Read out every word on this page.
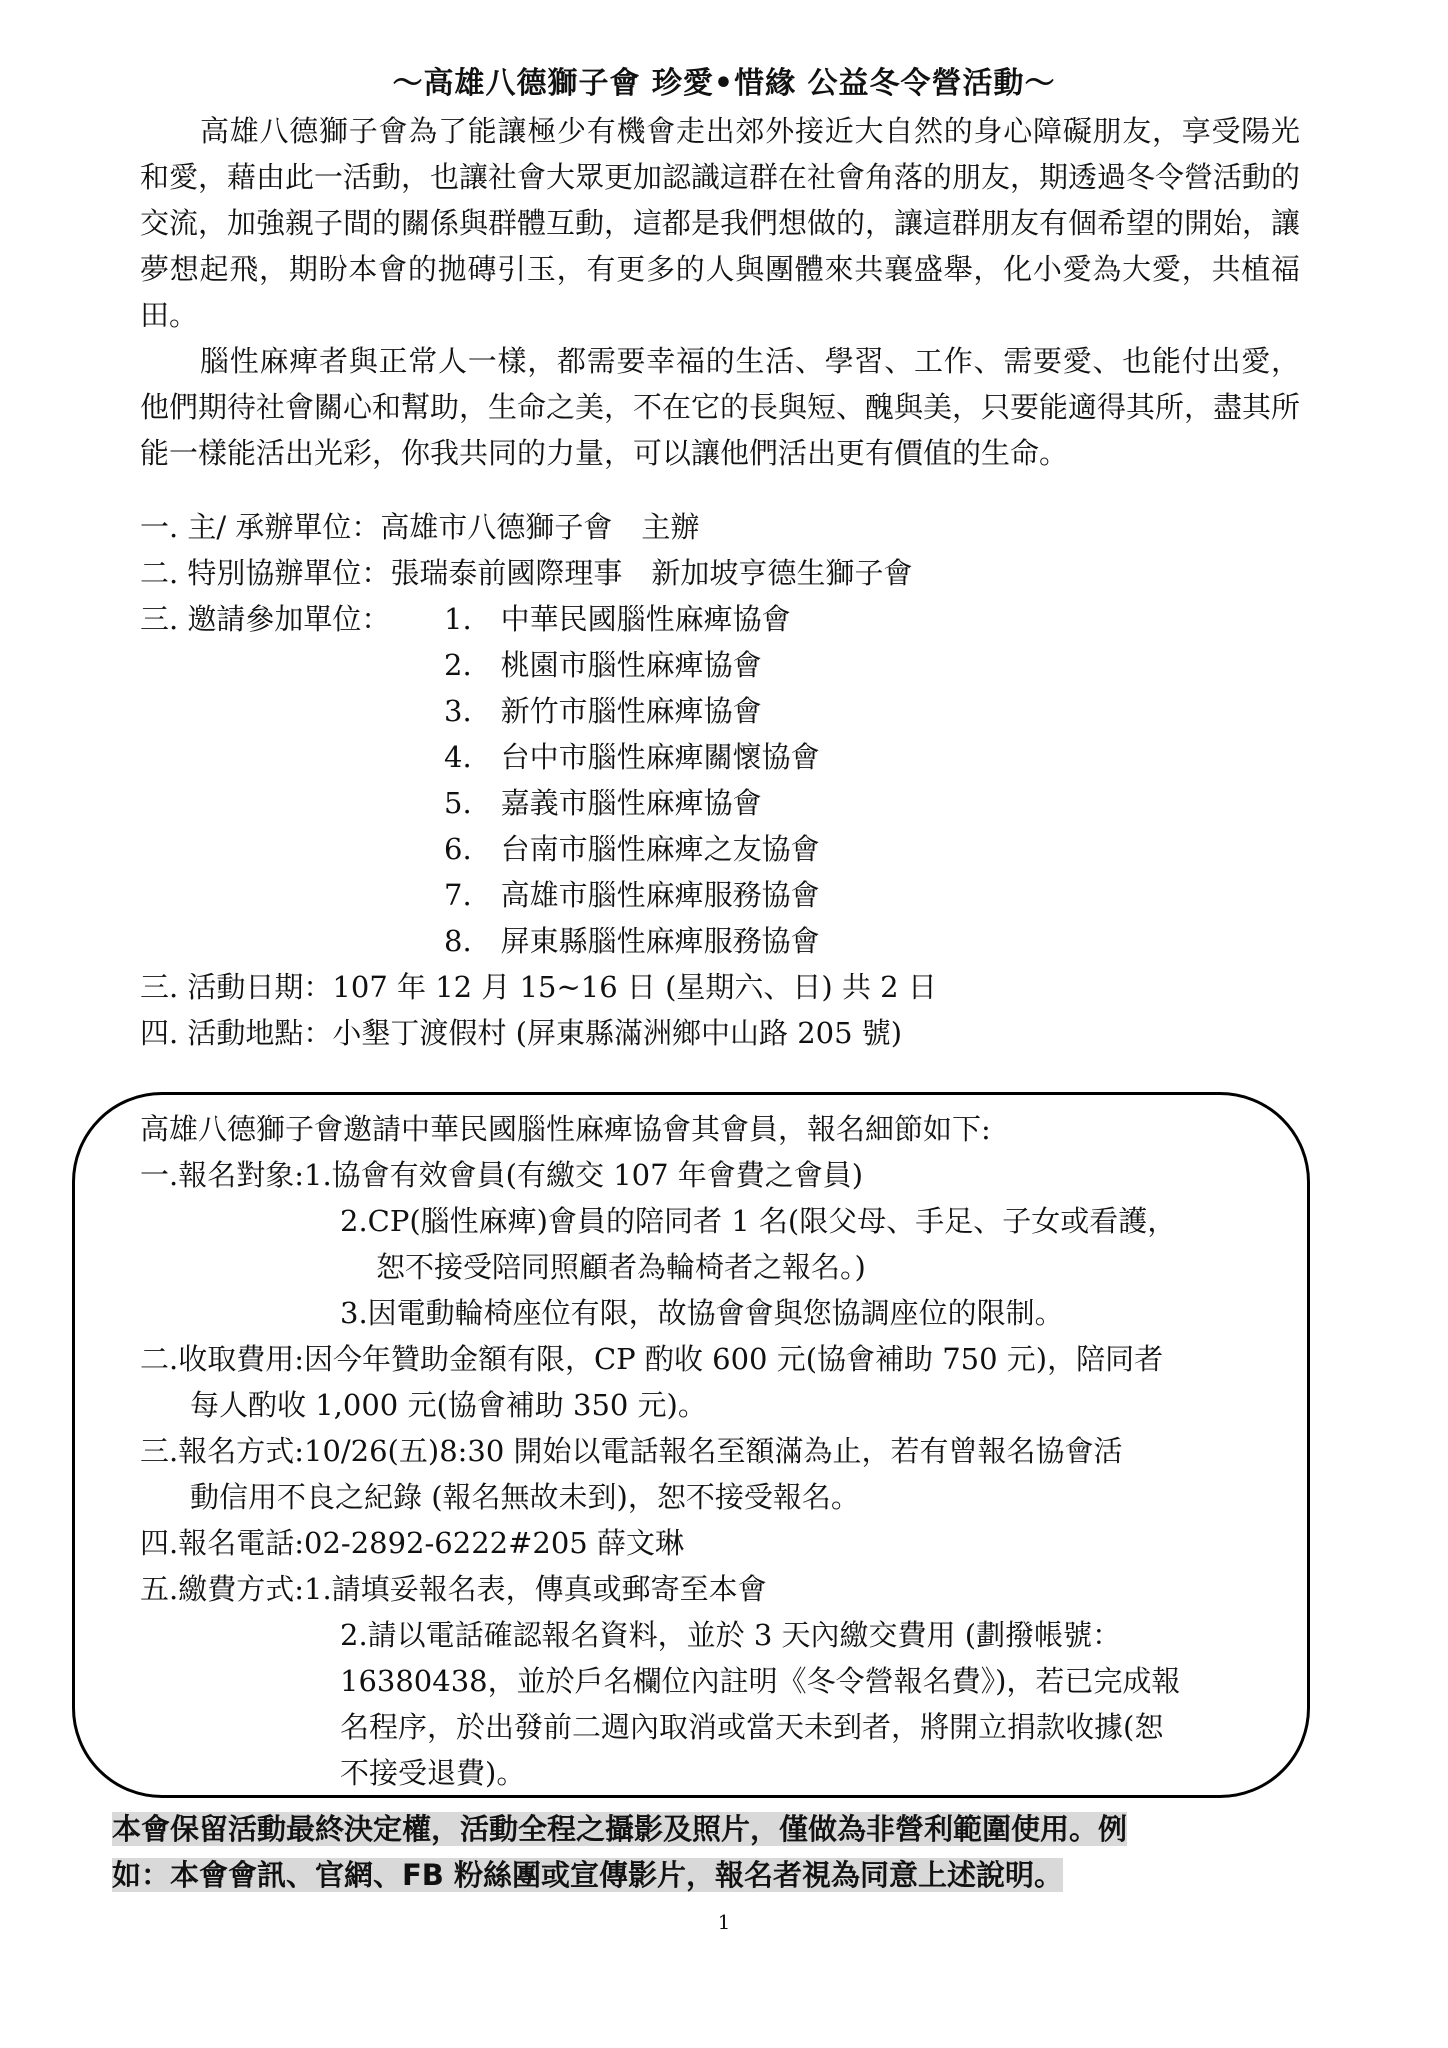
～高雄八德獅子會 珍愛•惜緣 公益冬令營活動～

高雄八德獅子會為了能讓極少有機會走出郊外接近大自然的身心障礙朋友，享受陽光和愛，藉由此一活動，也讓社會大眾更加認識這群在社會角落的朋友，期透過冬令營活動的交流，加強親子間的關係與群體互動，這都是我們想做的，讓這群朋友有個希望的開始，讓夢想起飛，期盼本會的拋磚引玉，有更多的人與團體來共襄盛舉，化小愛為大愛，共植福田。

腦性麻痺者與正常人一樣，都需要幸福的生活、學習、工作、需要愛、也能付出愛，他們期待社會關心和幫助，生命之美，不在它的長與短、醜與美，只要能適得其所，盡其所能一樣能活出光彩，你我共同的力量，可以讓他們活出更有價值的生命。

一. 主/ 承辦單位：高雄市八德獅子會　主辦
二. 特別協辦單位：張瑞泰前國際理事　新加坡亨德生獅子會
三. 邀請參加單位： 1.　中華民國腦性麻痺協會
2.　桃園市腦性麻痺協會
3.　新竹市腦性麻痺協會
4.　台中市腦性麻痺關懷協會
5.　嘉義市腦性麻痺協會
6.　台南市腦性麻痺之友協會
7.　高雄市腦性麻痺服務協會
8.　屏東縣腦性麻痺服務協會
三. 活動日期：107 年 12 月 15~16 日 (星期六、日) 共 2 日
四. 活動地點：小墾丁渡假村 (屏東縣滿洲鄉中山路 205 號)
高雄八德獅子會邀請中華民國腦性麻痺協會其會員，報名細節如下:
一.報名對象:1.協會有效會員(有繳交 107 年會費之會員)
2.CP(腦性麻痺)會員的陪同者 1 名(限父母、手足、子女或看護，
恕不接受陪同照顧者為輪椅者之報名。)
3.因電動輪椅座位有限，故協會會與您協調座位的限制。
二.收取費用:因今年贊助金額有限，CP 酌收 600 元(協會補助 750 元)，陪同者
每人酌收 1,000 元(協會補助 350 元)。
三.報名方式:10/26(五)8:30 開始以電話報名至額滿為止，若有曾報名協會活
動信用不良之紀錄 (報名無故未到)，恕不接受報名。
四.報名電話:02-2892-6222#205 薛文琳
五.繳費方式:1.請填妥報名表，傳真或郵寄至本會
2.請以電話確認報名資料，並於 3 天內繳交費用 (劃撥帳號：
16380438，並於戶名欄位內註明《冬令營報名費》)，若已完成報
名程序，於出發前二週內取消或當天未到者，將開立捐款收據(恕
不接受退費)。
本會保留活動最終決定權，活動全程之攝影及照片，僅做為非營利範圍使用。例
如：本會會訊、官網、FB 粉絲團或宣傳影片，報名者視為同意上述說明。
1
